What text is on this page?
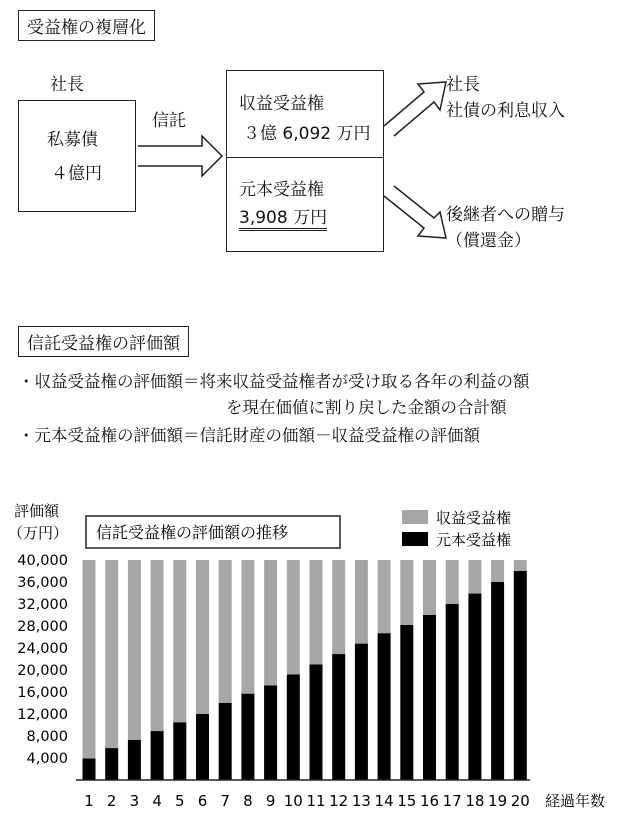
受益権の複層化
社長
私募債
４億円
信託
収益受益権
３億 6,092 万円
元本受益権
3,908 万円
社長
社債の利息収入
後継者への贈与
（償還金）
信託受益権の評価額
・収益受益権の評価額＝将来収益受益権者が受け取る各年の利益の額
を現在価値に割り戻した金額の合計額
・元本受益権の評価額＝信託財産の価額－収益受益権の評価額
評価額
（万円） 信託受益権の評価額の推移
収益受益権
元本受益権
4,000
8,000
12,000
16,000
20,000
24,000
28,000
32,000
36,000
40,000
1 2 3 4 5 6 7 8 9 10 11 12 13 14 15 16 17 18 19 20 経過年数
